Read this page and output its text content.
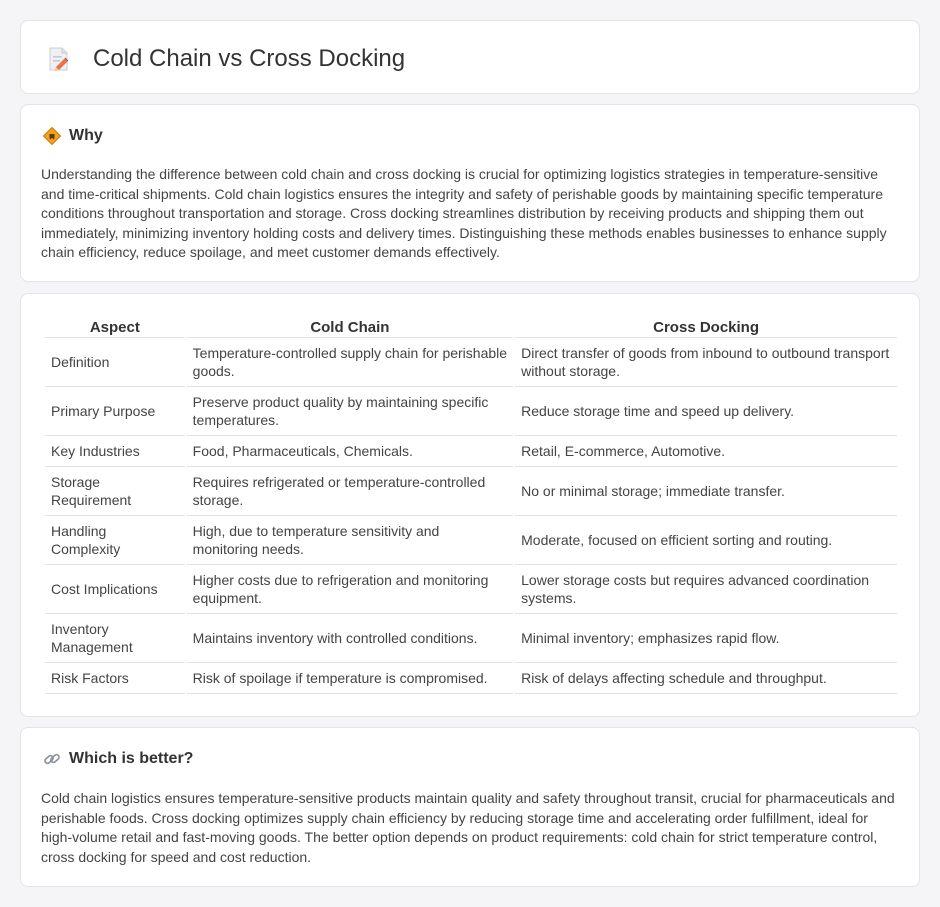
Cold Chain vs Cross Docking
Why

Understanding the difference between cold chain and cross docking is crucial for optimizing logistics strategies in temperature-sensitive and time-critical shipments. Cold chain logistics ensures the integrity and safety of perishable goods by maintaining specific temperature conditions throughout transportation and storage. Cross docking streamlines distribution by receiving products and shipping them out immediately, minimizing inventory holding costs and delivery times. Distinguishing these methods enables businesses to enhance supply chain efficiency, reduce spoilage, and meet customer demands effectively.

Aspect	Cold Chain	Cross Docking
Definition	Temperature-controlled supply chain for perishable goods.	Direct transfer of goods from inbound to outbound transport without storage.
Primary Purpose	Preserve product quality by maintaining specific temperatures.	Reduce storage time and speed up delivery.
Key Industries	Food, Pharmaceuticals, Chemicals.	Retail, E-commerce, Automotive.
Storage Requirement	Requires refrigerated or temperature-controlled storage.	No or minimal storage; immediate transfer.
Handling Complexity	High, due to temperature sensitivity and monitoring needs.	Moderate, focused on efficient sorting and routing.
Cost Implications	Higher costs due to refrigeration and monitoring equipment.	Lower storage costs but requires advanced coordination systems.
Inventory Management	Maintains inventory with controlled conditions.	Minimal inventory; emphasizes rapid flow.
Risk Factors	Risk of spoilage if temperature is compromised.	Risk of delays affecting schedule and throughput.
Which is better?

Cold chain logistics ensures temperature-sensitive products maintain quality and safety throughout transit, crucial for pharmaceuticals and perishable foods. Cross docking optimizes supply chain efficiency by reducing storage time and accelerating order fulfillment, ideal for high-volume retail and fast-moving goods. The better option depends on product requirements: cold chain for strict temperature control, cross docking for speed and cost reduction.
